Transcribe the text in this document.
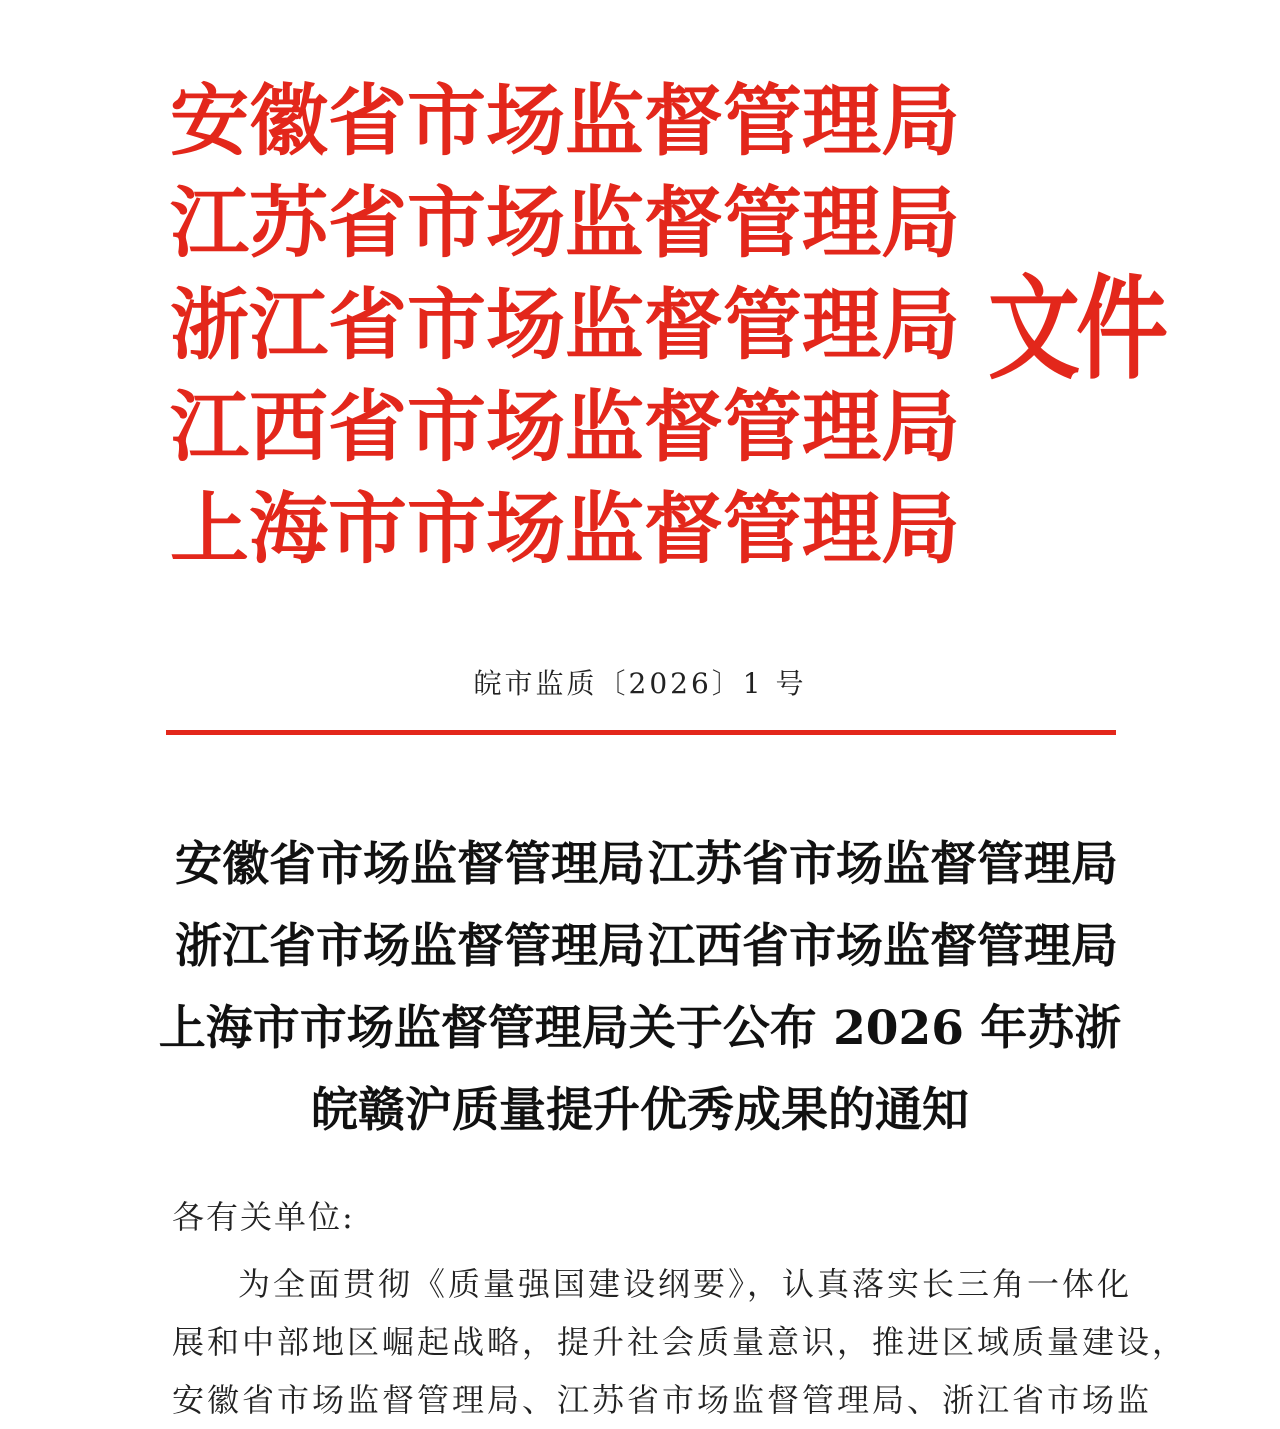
安徽省市场监督管理局
江苏省市场监督管理局
浙江省市场监督管理局
江西省市场监督管理局
上海市市场监督管理局
文件
皖市监质〔2026〕1 号
安徽省市场监督管理局 江苏省市场监督管理局
浙江省市场监督管理局 江西省市场监督管理局
上海市市场监督管理局关于公布 2026 年苏浙
皖赣沪质量提升优秀成果的通知
各有关单位:
为全面贯彻《质量强国建设纲要》，认真落实长三角一体化
展和中部地区崛起战略，提升社会质量意识，推进区域质量建设，
安徽省市场监督管理局、江苏省市场监督管理局、浙江省市场监
